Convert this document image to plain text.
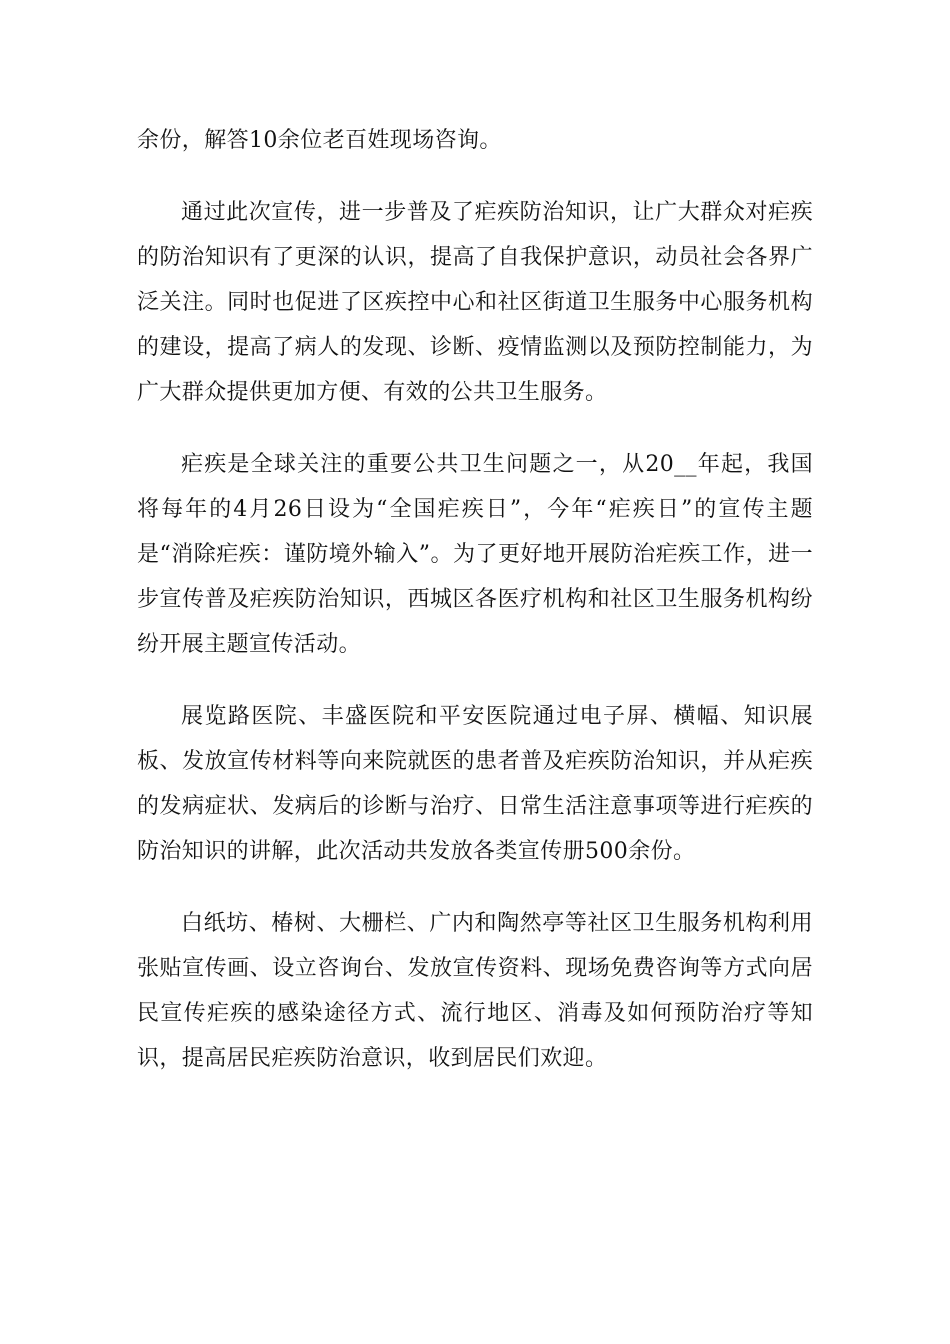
余份，解答10余位老百姓现场咨询。

通过此次宣传，进一步普及了疟疾防治知识，让广大群众对疟疾的防治知识有了更深的认识，提高了自我保护意识，动员社会各界广泛关注。同时也促进了区疾控中心和社区街道卫生服务中心服务机构的建设，提高了病人的发现、诊断、疫情监测以及预防控制能力，为广大群众提供更加方便、有效的公共卫生服务。

疟疾是全球关注的重要公共卫生问题之一，从20__年起，我国将每年的4月26日设为“全国疟疾日”，今年“疟疾日”的宣传主题是“消除疟疾：谨防境外输入”。为了更好地开展防治疟疾工作，进一步宣传普及疟疾防治知识，西城区各医疗机构和社区卫生服务机构纷纷开展主题宣传活动。

展览路医院、丰盛医院和平安医院通过电子屏、横幅、知识展板、发放宣传材料等向来院就医的患者普及疟疾防治知识，并从疟疾的发病症状、发病后的诊断与治疗、日常生活注意事项等进行疟疾的防治知识的讲解，此次活动共发放各类宣传册500余份。

白纸坊、椿树、大栅栏、广内和陶然亭等社区卫生服务机构利用张贴宣传画、设立咨询台、发放宣传资料、现场免费咨询等方式向居民宣传疟疾的感染途径方式、流行地区、消毒及如何预防治疗等知识，提高居民疟疾防治意识，收到居民们欢迎。
